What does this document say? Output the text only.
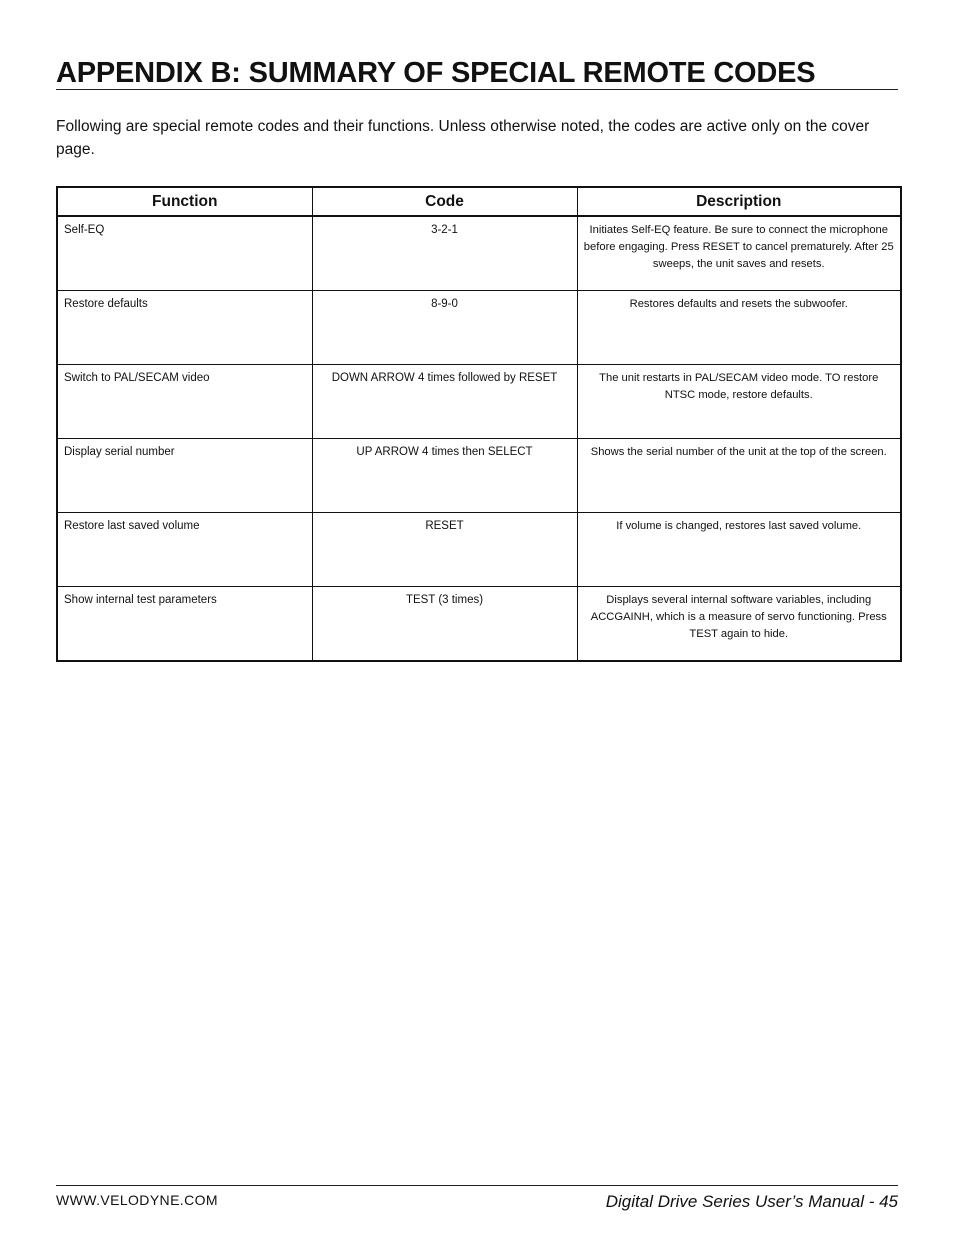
APPENDIX B: SUMMARY OF SPECIAL REMOTE CODES
Following are special remote codes and their functions. Unless otherwise noted, the codes are active only on the cover page.
Function	Code	Description
Self-EQ	3-2-1	Initiates Self-EQ feature. Be sure to connect the microphone before engaging. Press RESET to cancel prematurely. After 25 sweeps, the unit saves and resets.
Restore defaults	8-9-0	Restores defaults and resets the subwoofer.
Switch to PAL/SECAM video	DOWN ARROW 4 times followed by RESET	The unit restarts in PAL/SECAM video mode. TO restore NTSC mode, restore defaults.
Display serial number	UP ARROW 4 times then SELECT	Shows the serial number of the unit at the top of the screen.
Restore last saved volume	RESET	If volume is changed, restores last saved volume.
Show internal test parameters	TEST (3 times)	Displays several internal software variables, including ACCGAINH, which is a measure of servo functioning. Press TEST again to hide.
WWW.VELODYNE.COM	Digital Drive Series User’s Manual - 45
